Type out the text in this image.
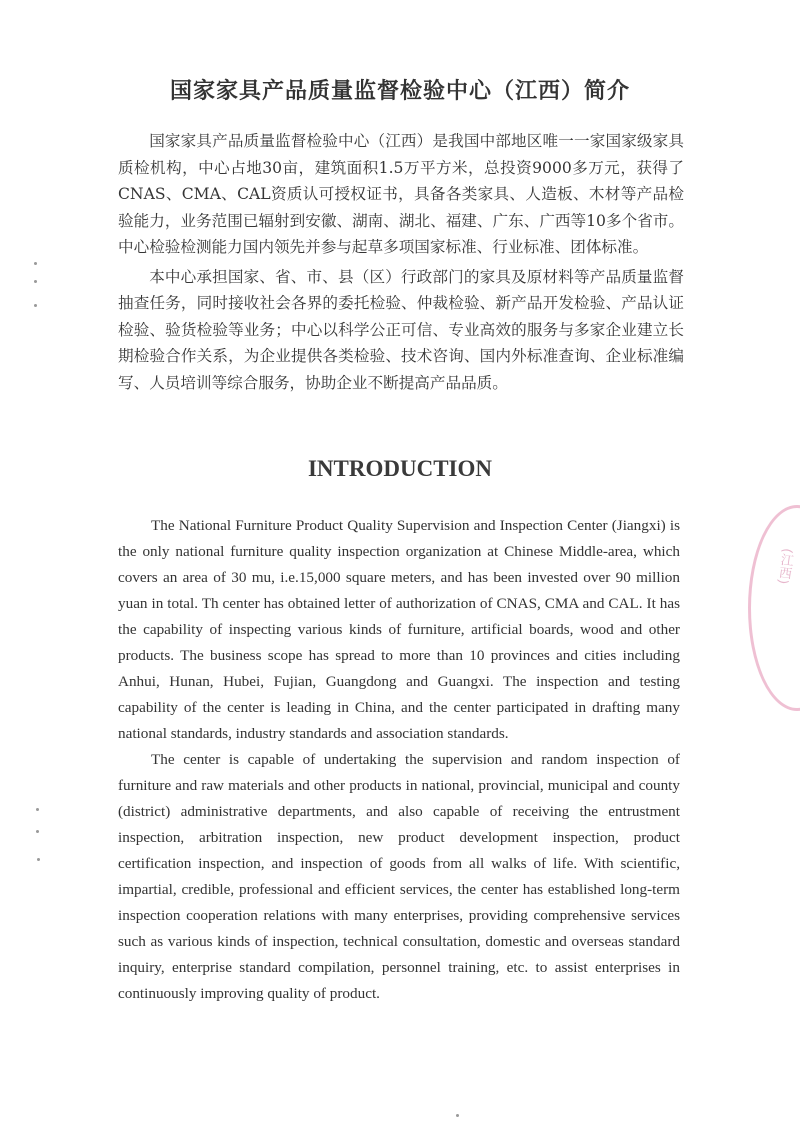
国家家具产品质量监督检验中心（江西）简介

国家家具产品质量监督检验中心（江西）是我国中部地区唯一一家国家级家具质检机构，中心占地30亩，建筑面积1.5万平方米，总投资9000多万元，获得了CNAS、CMA、CAL资质认可授权证书，具备各类家具、人造板、木材等产品检验能力，业务范围已辐射到安徽、湖南、湖北、福建、广东、广西等10多个省市。中心检验检测能力国内领先并参与起草多项国家标准、行业标准、团体标准。

本中心承担国家、省、市、县（区）行政部门的家具及原材料等产品质量监督抽查任务，同时接收社会各界的委托检验、仲裁检验、新产品开发检验、产品认证检验、验货检验等业务；中心以科学公正可信、专业高效的服务与多家企业建立长期检验合作关系，为企业提供各类检验、技术咨询、国内外标准查询、企业标准编写、人员培训等综合服务，协助企业不断提高产品品质。

INTRODUCTION

The National Furniture Product Quality Supervision and Inspection Center (Jiangxi) is the only national furniture quality inspection organization at Chinese Middle-area, which covers an area of 30 mu, i.e.15,000 square meters, and has been invested over 90 million yuan in total. Th center has obtained letter of authorization of CNAS, CMA and CAL. It has the capability of inspecting various kinds of furniture, artificial boards, wood and other products. The business scope has spread to more than 10 provinces and cities including Anhui, Hunan, Hubei, Fujian, Guangdong and Guangxi. The inspection and testing capability of the center is leading in China, and the center participated in drafting many national standards, industry standards and association standards.

The center is capable of undertaking the supervision and random inspection of furniture and raw materials and other products in national, provincial, municipal and county (district) administrative departments, and also capable of receiving the entrustment inspection, arbitration inspection, new product development inspection, product certification inspection, and inspection of goods from all walks of life. With scientific, impartial, credible, professional and efficient services, the center has established long-term inspection cooperation relations with many enterprises, providing comprehensive services such as various kinds of inspection, technical consultation, domestic and overseas standard inquiry, enterprise standard compilation, personnel training, etc. to assist enterprises in continuously improving quality of product.

(江西)
